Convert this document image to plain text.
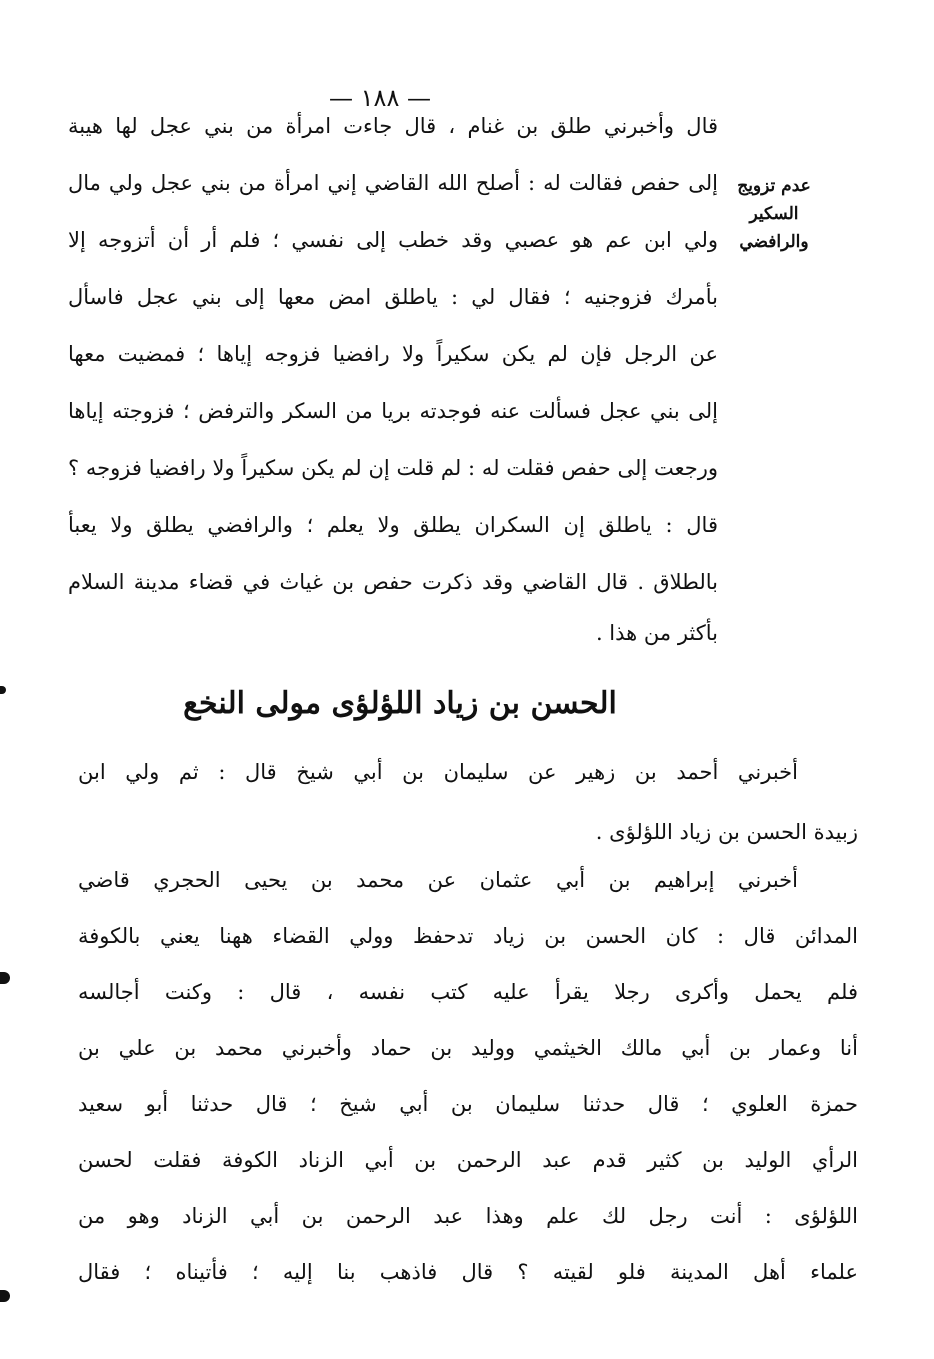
— ١٨٨ —
عدم تزويج
السكير
والرافضي
قال وأخبرني طلق بن غنام ، قال جاءت امرأة من بني عجل لها هيبة
إلى حفص فقالت له : أصلح الله القاضي إني امرأة من بني عجل ولي مال
ولي ابن عم هو عصبي وقد خطب إلى نفسي ؛ فلم أر أن أتزوجه إلا
بأمرك فزوجنيه ؛ فقال لي : ياطلق امض معها إلى بني عجل فاسأل
عن الرجل فإن لم يكن سكيراً ولا رافضيا فزوجه إياها ؛ فمضيت معها
إلى بني عجل فسألت عنه فوجدته بريا من السكر والترفض ؛ فزوجته إياها
ورجعت إلى حفص فقلت له : لم قلت إن لم يكن سكيراً ولا رافضيا فزوجه ؟
قال : ياطلق إن السكران يطلق ولا يعلم ؛ والرافضي يطلق ولا يعبأ
بالطلاق . قال القاضي وقد ذكرت حفص بن غياث في قضاء مدينة السلام
بأكثر من هذا .
الحسن بن زياد اللؤلؤى مولى النخع
أخبرني أحمد بن زهير عن سليمان بن أبي شيخ قال : ثم ولي ابن
زبيدة الحسن بن زياد اللؤلؤى .
أخبرني إبراهيم بن أبي عثمان عن محمد بن يحيى الحجري قاضي
المدائن قال : كان الحسن بن زياد تدحفظ وولي القضاء ههنا يعني بالكوفة
فلم يحمل وأكرى رجلا يقرأ عليه كتب نفسه ، قال : وكنت أجالسه
أنا وعمار بن أبي مالك الخيثمي ووليد بن حماد وأخبرني محمد بن علي بن
حمزة العلوي ؛ قال حدثنا سليمان بن أبي شيخ ؛ قال حدثنا أبو سعيد
الرأي الوليد بن كثير قدم عبد الرحمن بن أبي الزناد الكوفة فقلت لحسن
اللؤلؤى : أنت رجل لك علم وهذا عبد الرحمن بن أبي الزناد وهو من
علماء أهل المدينة فلو لقيته ؟ قال فاذهب بنا إليه ؛ فأتيناه ؛ فقال
